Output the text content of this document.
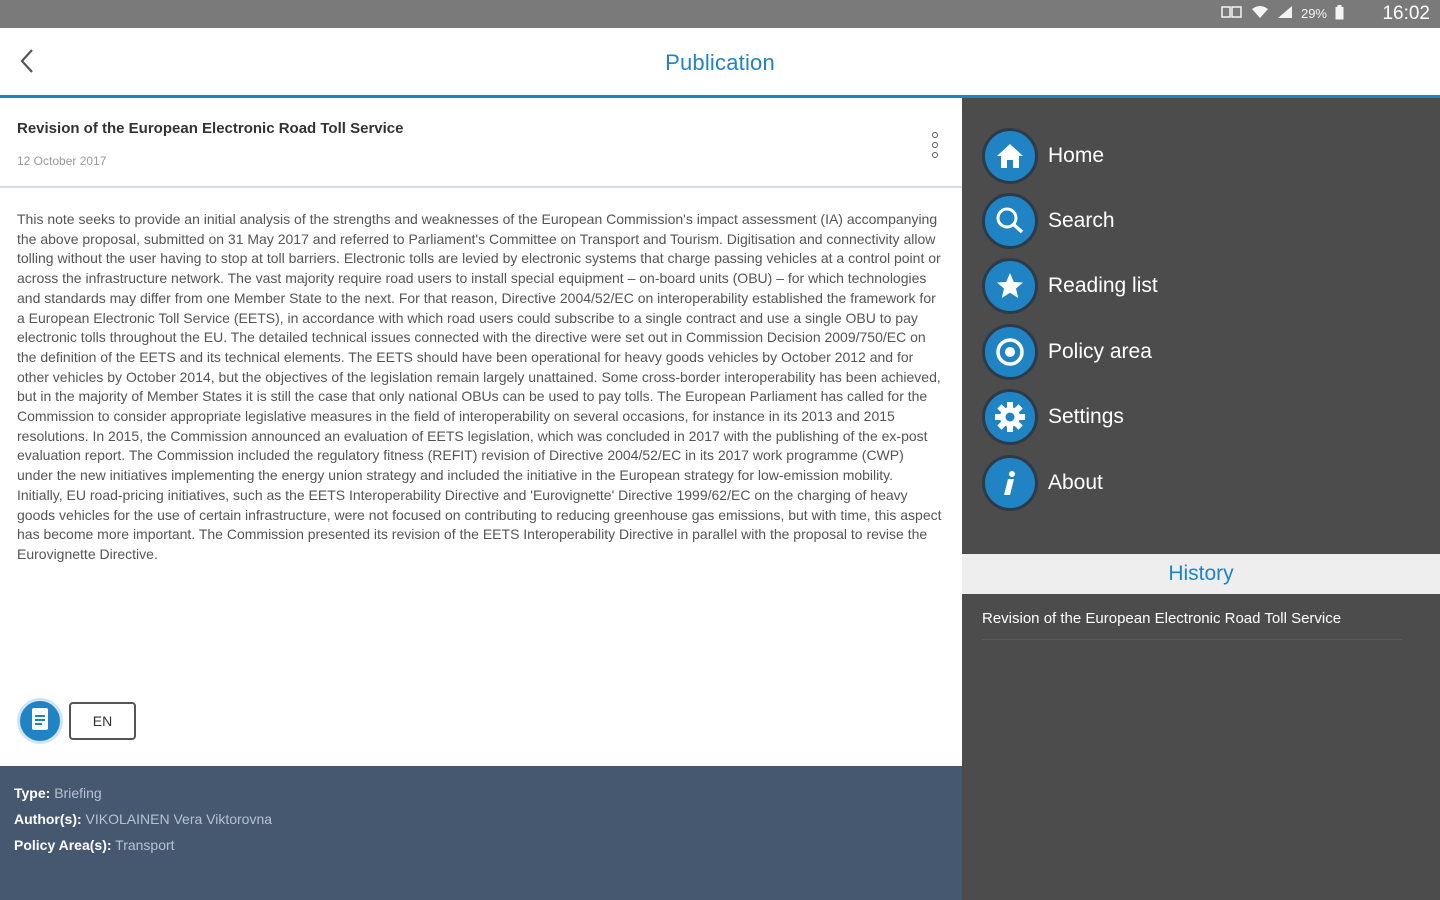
29%	16:02
Publication
Revision of the European Electronic Road Toll Service
12 October 2017
This note seeks to provide an initial analysis of the strengths and weaknesses of the European Commission's impact assessment (IA) accompanying the above proposal, submitted on 31 May 2017 and referred to Parliament's Committee on Transport and Tourism. Digitisation and connectivity allow tolling without the user having to stop at toll barriers. Electronic tolls are levied by electronic systems that charge passing vehicles at a control point or across the infrastructure network. The vast majority require road users to install special equipment – on-board units (OBU) – for which technologies and standards may differ from one Member State to the next. For that reason, Directive 2004/52/EC on interoperability established the framework for a European Electronic Toll Service (EETS), in accordance with which road users could subscribe to a single contract and use a single OBU to pay electronic tolls throughout the EU. The detailed technical issues connected with the directive were set out in Commission Decision 2009/750/EC on the definition of the EETS and its technical elements. The EETS should have been operational for heavy goods vehicles by October 2012 and for other vehicles by October 2014, but the objectives of the legislation remain largely unattained. Some cross-border interoperability has been achieved, but in the majority of Member States it is still the case that only national OBUs can be used to pay tolls. The European Parliament has called for the Commission to consider appropriate legislative measures in the field of interoperability on several occasions, for instance in its 2013 and 2015 resolutions. In 2015, the Commission announced an evaluation of EETS legislation, which was concluded in 2017 with the publishing of the ex-post evaluation report. The Commission included the regulatory fitness (REFIT) revision of Directive 2004/52/EC in its 2017 work programme (CWP) under the new initiatives implementing the energy union strategy and included the initiative in the European strategy for low-emission mobility. Initially, EU road-pricing initiatives, such as the EETS Interoperability Directive and 'Eurovignette' Directive 1999/62/EC on the charging of heavy goods vehicles for the use of certain infrastructure, were not focused on contributing to reducing greenhouse gas emissions, but with time, this aspect has become more important. The Commission presented its revision of the EETS Interoperability Directive in parallel with the proposal to revise the Eurovignette Directive.
EN
Type: Briefing
Author(s): VIKOLAINEN Vera Viktorovna
Policy Area(s): Transport
Home
Search
Reading list
Policy area
Settings
About
History
Revision of the European Electronic Road Toll Service
